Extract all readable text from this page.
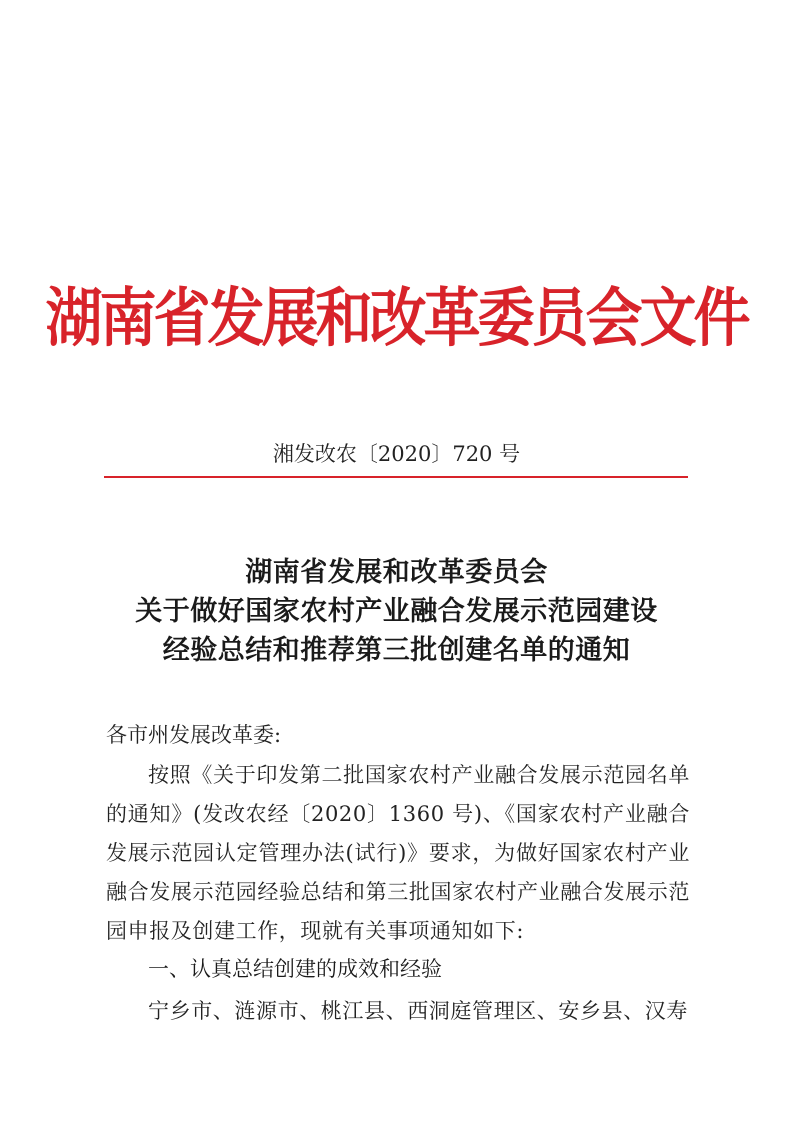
湖南省发展和改革委员会文件
湘发改农〔2020〕720 号
湖南省发展和改革委员会
关于做好国家农村产业融合发展示范园建设
经验总结和推荐第三批创建名单的通知
各市州发展改革委:
按照《关于印发第二批国家农村产业融合发展示范园名单的通知》(发改农经〔2020〕1360 号)、《国家农村产业融合发展示范园认定管理办法(试行)》要求，为做好国家农村产业融合发展示范园经验总结和第三批国家农村产业融合发展示范园申报及创建工作，现就有关事项通知如下:
一、认真总结创建的成效和经验
宁乡市、涟源市、桃江县、西洞庭管理区、安乡县、汉寿
